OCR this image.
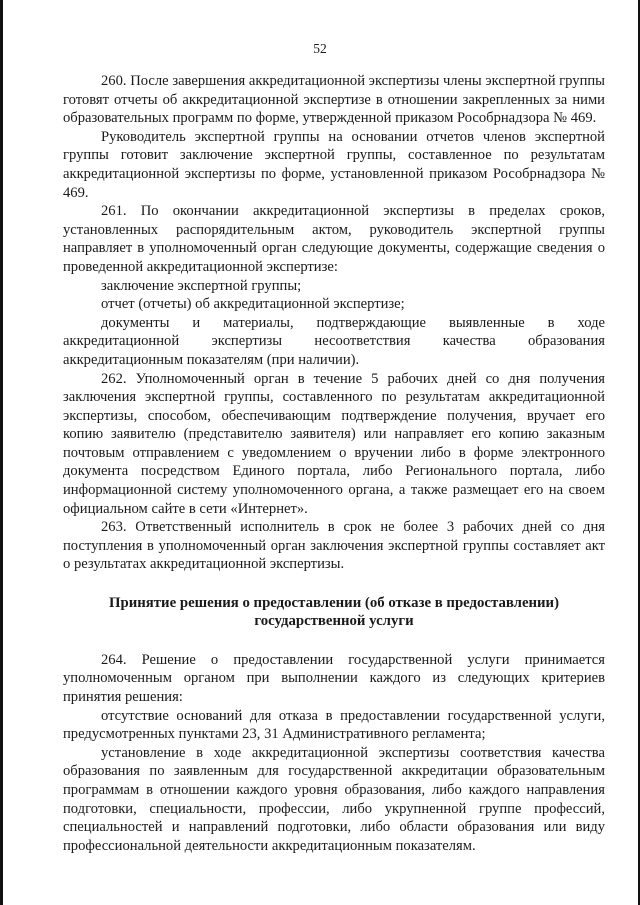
52

260. После завершения аккредитационной экспертизы члены экспертной группы готовят отчеты об аккредитационной экспертизе в отношении закрепленных за ними образовательных программ по форме, утвержденной приказом Рособрнадзора № 469.

Руководитель экспертной группы на основании отчетов членов экспертной группы готовит заключение экспертной группы, составленное по результатам аккредитационной экспертизы по форме, установленной приказом Рособрнадзора № 469.

261. По окончании аккредитационной экспертизы в пределах сроков, установленных распорядительным актом, руководитель экспертной группы направляет в уполномоченный орган следующие документы, содержащие сведения о проведенной аккредитационной экспертизе:

заключение экспертной группы;

отчет (отчеты) об аккредитационной экспертизе;

документы и материалы, подтверждающие выявленные в ходе аккредитационной экспертизы несоответствия качества образования аккредитационным показателям (при наличии).

262. Уполномоченный орган в течение 5 рабочих дней со дня получения заключения экспертной группы, составленного по результатам аккредитационной экспертизы, способом, обеспечивающим подтверждение получения, вручает его копию заявителю (представителю заявителя) или направляет его копию заказным почтовым отправлением с уведомлением о вручении либо в форме электронного документа посредством Единого портала, либо Регионального портала, либо информационной систему уполномоченного органа, а также размещает его на своем официальном сайте в сети «Интернет».

263. Ответственный исполнитель в срок не более 3 рабочих дней со дня поступления в уполномоченный орган заключения экспертной группы составляет акт о результатах аккредитационной экспертизы.

Принятие решения о предоставлении (об отказе в предоставлении) государственной услуги

264. Решение о предоставлении государственной услуги принимается уполномоченным органом при выполнении каждого из следующих критериев принятия решения:

отсутствие оснований для отказа в предоставлении государственной услуги, предусмотренных пунктами 23, 31 Административного регламента;

установление в ходе аккредитационной экспертизы соответствия качества образования по заявленным для государственной аккредитации образовательным программам в отношении каждого уровня образования, либо каждого направления подготовки, специальности, профессии, либо укрупненной группе профессий, специальностей и направлений подготовки, либо области образования или виду профессиональной деятельности аккредитационным показателям.
